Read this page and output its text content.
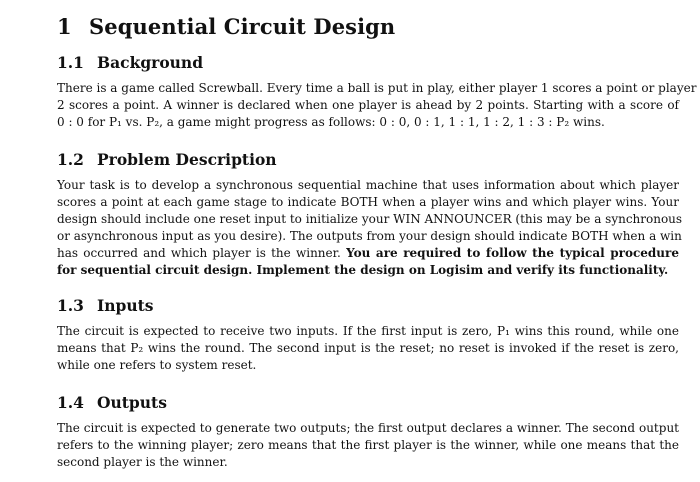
1 Sequential Circuit Design
1.1 Background
There is a game called Screwball. Every time a ball is put in play, either player 1 scores a point or player
2 scores a point. A winner is declared when one player is ahead by 2 points. Starting with a score of
0 : 0 for P₁ vs. P₂, a game might progress as follows: 0 : 0, 0 : 1, 1 : 1, 1 : 2, 1 : 3 : P₂ wins.
1.2 Problem Description
Your task is to develop a synchronous sequential machine that uses information about which player
scores a point at each game stage to indicate BOTH when a player wins and which player wins. Your
design should include one reset input to initialize your WIN ANNOUNCER (this may be a synchronous
or asynchronous input as you desire). The outputs from your design should indicate BOTH when a win
has occurred and which player is the winner. You are required to follow the typical procedure
for sequential circuit design. Implement the design on Logisim and verify its functionality.
1.3 Inputs
The circuit is expected to receive two inputs. If the first input is zero, P₁ wins this round, while one
means that P₂ wins the round. The second input is the reset; no reset is invoked if the reset is zero,
while one refers to system reset.
1.4 Outputs
The circuit is expected to generate two outputs; the first output declares a winner. The second output
refers to the winning player; zero means that the first player is the winner, while one means that the
second player is the winner.
